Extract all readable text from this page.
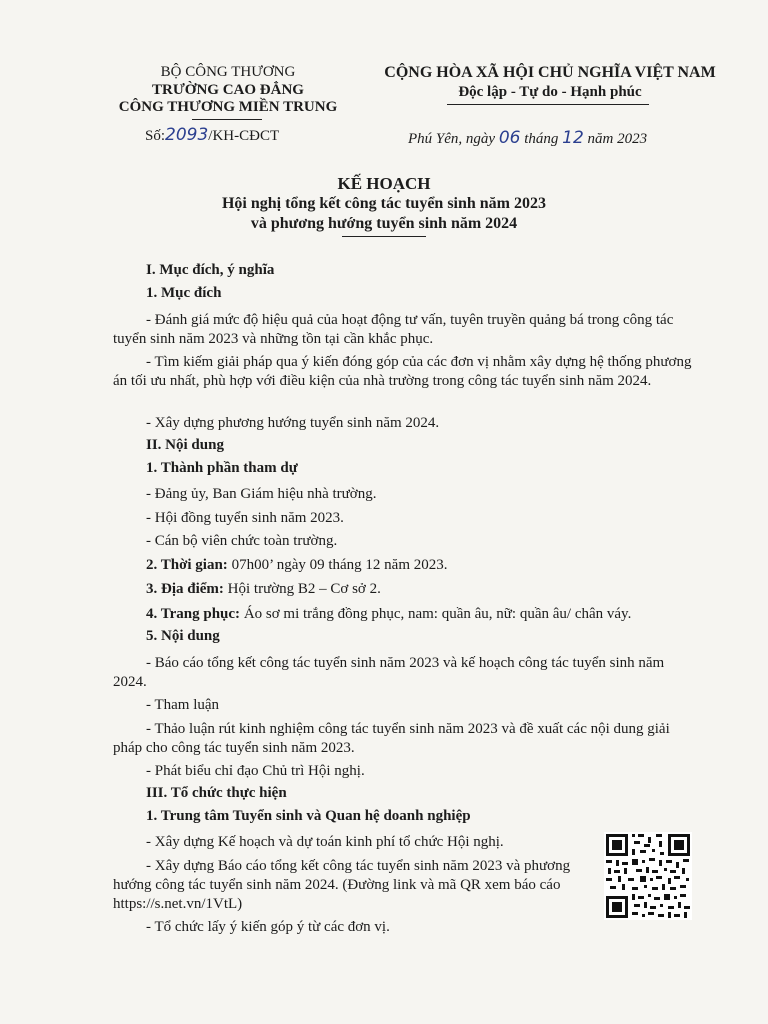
BỘ CÔNG THƯƠNG
TRƯỜNG CAO ĐẲNG
CÔNG THƯƠNG MIỀN TRUNG
Số:2093/KH-CĐCT
CỘNG HÒA XÃ HỘI CHỦ NGHĨA VIỆT NAM
Độc lập - Tự do - Hạnh phúc
Phú Yên, ngày 06 tháng 12 năm 2023
KẾ HOẠCH
Hội nghị tổng kết công tác tuyển sinh năm 2023
và phương hướng tuyển sinh năm 2024
I. Mục đích, ý nghĩa
1. Mục đích
- Đánh giá mức độ hiệu quả của hoạt động tư vấn, tuyên truyền quảng bá trong công tác tuyển sinh năm 2023 và những tồn tại cần khắc phục.
- Tìm kiếm giải pháp qua ý kiến đóng góp của các đơn vị nhằm xây dựng hệ thống phương án tối ưu nhất, phù hợp với điều kiện của nhà trường trong công tác tuyển sinh năm 2024.
- Xây dựng phương hướng tuyển sinh năm 2024.
II. Nội dung
1. Thành phần tham dự
- Đảng ủy, Ban Giám hiệu nhà trường.
- Hội đồng tuyển sinh năm 2023.
- Cán bộ viên chức toàn trường.
2. Thời gian: 07h00’ ngày 09 tháng 12 năm 2023.
3. Địa điểm: Hội trường B2 – Cơ sở 2.
4. Trang phục: Áo sơ mi trắng đồng phục, nam: quần âu, nữ: quần âu/ chân váy.
5. Nội dung
- Báo cáo tổng kết công tác tuyển sinh năm 2023 và kế hoạch công tác tuyển sinh năm 2024.
- Tham luận
- Thảo luận rút kinh nghiệm công tác tuyển sinh năm 2023 và đề xuất các nội dung giải pháp cho công tác tuyển sinh năm 2023.
- Phát biểu chỉ đạo Chủ trì Hội nghị.
III. Tổ chức thực hiện
1. Trung tâm Tuyển sinh và Quan hệ doanh nghiệp
- Xây dựng Kế hoạch và dự toán kinh phí tổ chức Hội nghị.
- Xây dựng Báo cáo tổng kết công tác tuyển sinh năm 2023 và phương hướng công tác tuyển sinh năm 2024. (Đường link và mã QR xem báo cáo https://s.net.vn/1VtL)
- Tổ chức lấy ý kiến góp ý từ các đơn vị.
